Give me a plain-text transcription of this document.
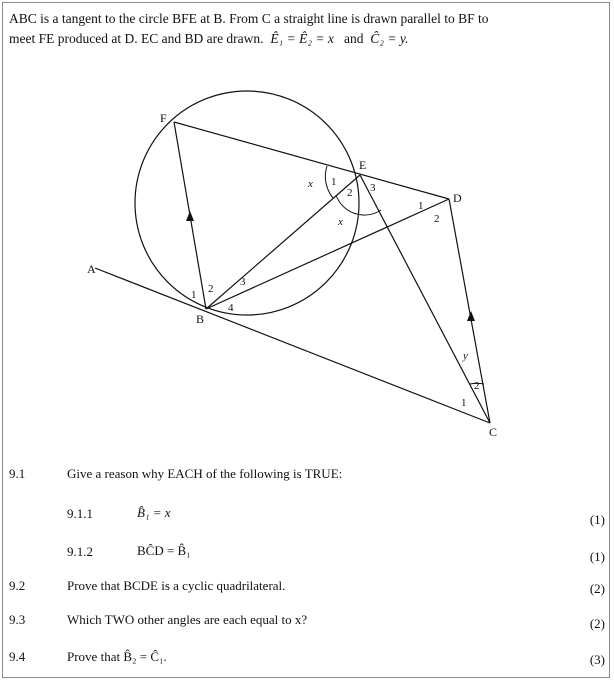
ABC is a tangent to the circle BFE at B. From C a straight line is drawn parallel to BF to
meet FE produced at D. EC and BD are drawn. Ê₁ = Ê₂ = x and Ĉ₂ = y.
A
B
C
D
E
F
1
2 3
1 2
3
4
1
2
1
2
x
x
y
9.1	Give a reason why EACH of the following is TRUE:
9.1.1	B̂₁ = x	(1)
9.1.2	BĈD = B̂₁	(1)
9.2	Prove that BCDE is a cyclic quadrilateral.	(2)
9.3	Which TWO other angles are each equal to x?	(2)
9.4	Prove that B̂₂ = Ĉ₁.	(3)
